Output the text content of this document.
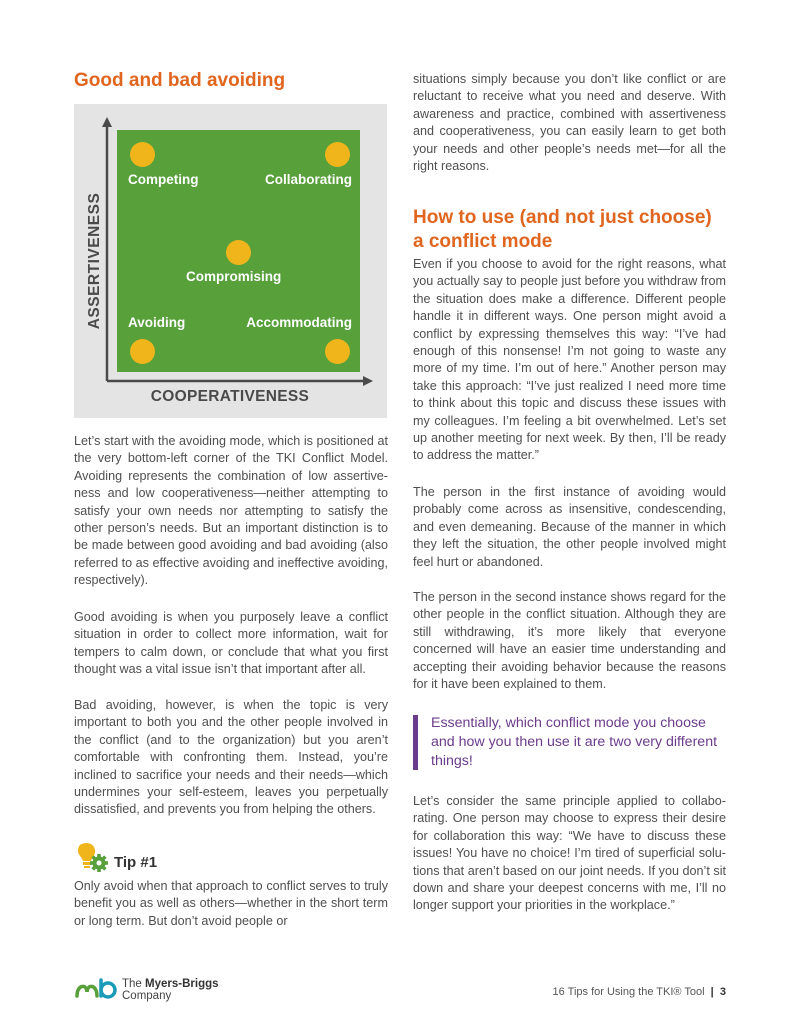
Good and bad avoiding
Competing	Collaborating
Compromising
Avoiding	Accommodating
ASSERTIVENESS
COOPERATIVENESS

Let’s start with the avoiding mode, which is positioned at the very bottom-left corner of the TKI Conflict Model. Avoiding represents the combination of low assertive-ness and low cooperativeness—neither attempting to satisfy your own needs nor attempting to satisfy the other person’s needs. But an important distinction is to be made between good avoiding and bad avoiding (also referred to as effective avoiding and ineffective avoiding, respectively).

Good avoiding is when you purposely leave a conflict situation in order to collect more information, wait for tempers to calm down, or conclude that what you first thought was a vital issue isn’t that important after all.

Bad avoiding, however, is when the topic is very important to both you and the other people involved in the conflict (and to the organization) but you aren’t comfortable with confronting them. Instead, you’re inclined to sacrifice your needs and their needs—which undermines your self-esteem, leaves you perpetually dissatisfied, and prevents you from helping the others.

Tip #1

Only avoid when that approach to conflict serves to truly benefit you as well as others—whether in the short term or long term. But don’t avoid people or

situations simply because you don’t like conflict or are reluctant to receive what you need and deserve. With awareness and practice, combined with assertiveness and cooperativeness, you can easily learn to get both your needs and other people’s needs met—for all the right reasons.

How to use (and not just choose) a conflict mode

Even if you choose to avoid for the right reasons, what you actually say to people just before you withdraw from the situation does make a difference. Different people handle it in different ways. One person might avoid a conflict by expressing themselves this way: “I’ve had enough of this nonsense! I’m not going to waste any more of my time. I’m out of here.” Another person may take this approach: “I’ve just realized I need more time to think about this topic and discuss these issues with my colleagues. I’m feeling a bit overwhelmed. Let’s set up another meeting for next week. By then, I’ll be ready to address the matter.”

The person in the first instance of avoiding would probably come across as insensitive, condescending, and even demeaning. Because of the manner in which they left the situation, the other people involved might feel hurt or abandoned.

The person in the second instance shows regard for the other people in the conflict situation. Although they are still withdrawing, it’s more likely that everyone concerned will have an easier time understanding and accepting their avoiding behavior because the reasons for it have been explained to them.

Essentially, which conflict mode you choose and how you then use it are two very different things!

Let’s consider the same principle applied to collabo-rating. One person may choose to express their desire for collaboration this way: “We have to discuss these issues! You have no choice! I’m tired of superficial solu-tions that aren’t based on our joint needs. If you don’t sit down and share your deepest concerns with me, I’ll no longer support your priorities in the workplace.”

The Myers-Briggs
Company	16 Tips for Using the TKI® Tool | 3
